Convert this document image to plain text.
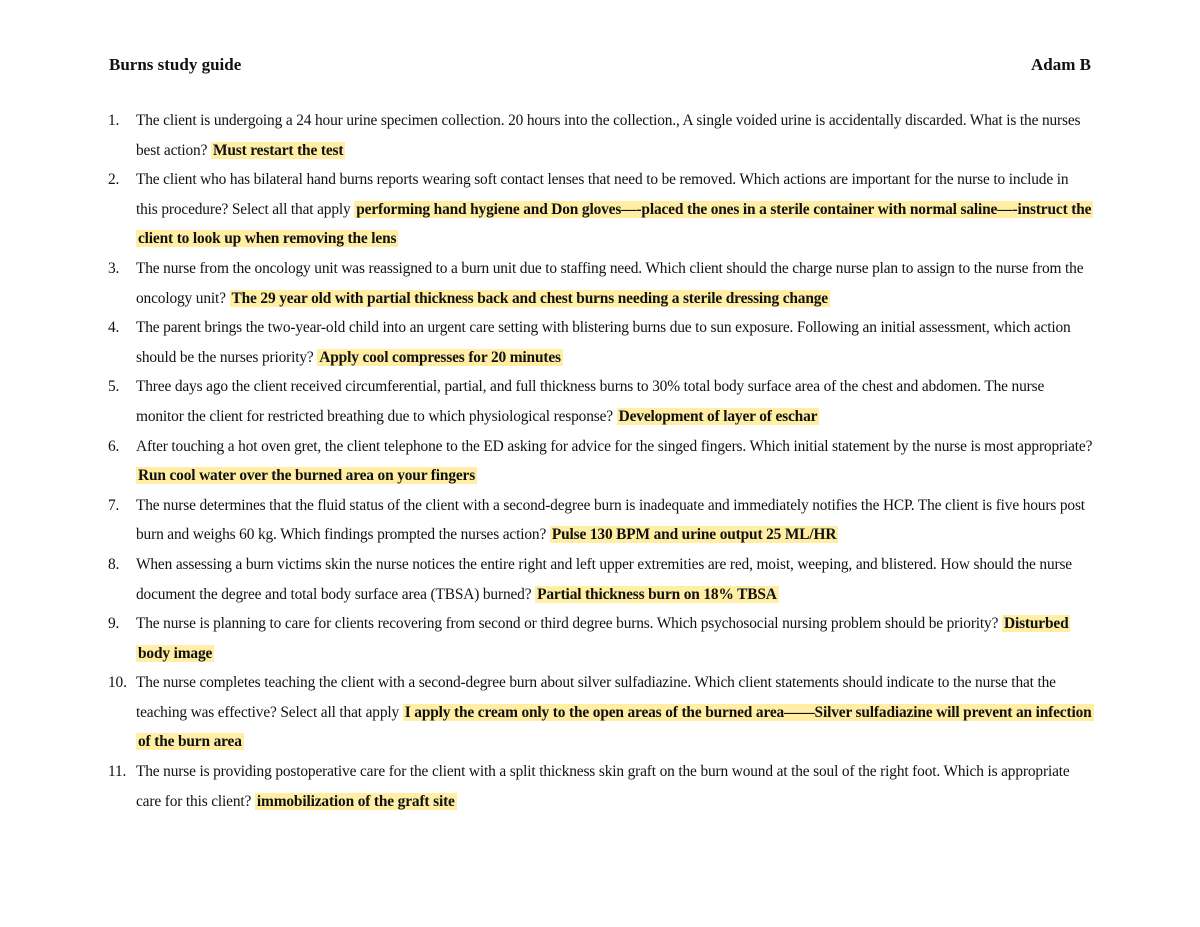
Burns study guide	Adam B
1.	The client is undergoing a 24 hour urine specimen collection. 20 hours into the collection., A single voided urine is accidentally discarded. What is the nurses best action? Must restart the test
2.	The client who has bilateral hand burns reports wearing soft contact lenses that need to be removed. Which actions are important for the nurse to include in this procedure? Select all that apply performing hand hygiene and Don gloves—-placed the ones in a sterile container with normal saline—-instruct the client to look up when removing the lens
3.	The nurse from the oncology unit was reassigned to a burn unit due to staffing need. Which client should the charge nurse plan to assign to the nurse from the oncology unit? The 29 year old with partial thickness back and chest burns needing a sterile dressing change
4.	The parent brings the two-year-old child into an urgent care setting with blistering burns due to sun exposure. Following an initial assessment, which action should be the nurses priority? Apply cool compresses for 20 minutes
5.	Three days ago the client received circumferential, partial, and full thickness burns to 30% total body surface area of the chest and abdomen. The nurse monitor the client for restricted breathing due to which physiological response? Development of layer of eschar
6.	After touching a hot oven gret, the client telephone to the ED asking for advice for the singed fingers. Which initial statement by the nurse is most appropriate? Run cool water over the burned area on your fingers
7.	The nurse determines that the fluid status of the client with a second-degree burn is inadequate and immediately notifies the HCP. The client is five hours post burn and weighs 60 kg. Which findings prompted the nurses action? Pulse 130 BPM and urine output 25 ML/HR
8.	When assessing a burn victims skin the nurse notices the entire right and left upper extremities are red, moist, weeping, and blistered. How should the nurse document the degree and total body surface area (TBSA) burned? Partial thickness burn on 18% TBSA
9.	The nurse is planning to care for clients recovering from second or third degree burns. Which psychosocial nursing problem should be priority? Disturbed body image
10. The nurse completes teaching the client with a second-degree burn about silver sulfadiazine. Which client statements should indicate to the nurse that the teaching was effective? Select all that apply I apply the cream only to the open areas of the burned area——Silver sulfadiazine will prevent an infection of the burn area
11. The nurse is providing postoperative care for the client with a split thickness skin graft on the burn wound at the soul of the right foot. Which is appropriate care for this client? immobilization of the graft site
